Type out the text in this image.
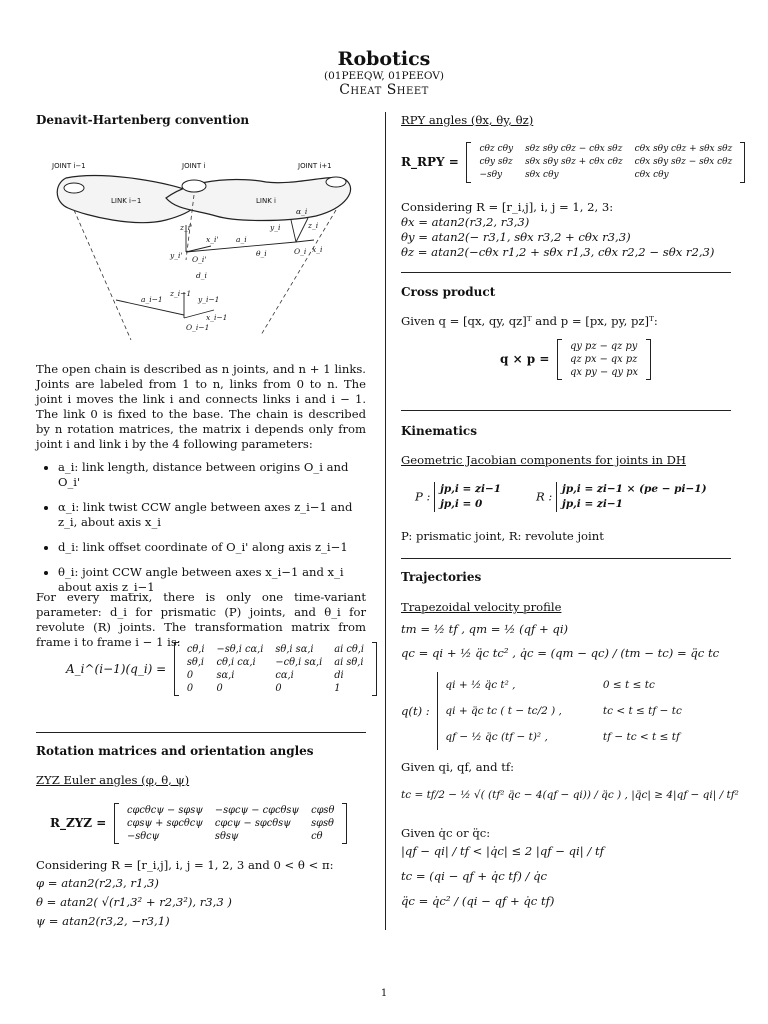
Robotics
(01PEEQW, 01PEEOV)
Cheat Sheet
Denavit-Hartenberg convention
JOINT i−1	JOINT i	JOINT i+1
LINK i−1	LINK i
a_i
θ_i
d_i
a_i−1
O_i
O_i'
O_i−1
x_i
y_i	z_i
z_i−1
x_i−1
y_i−1
x_i'
y_i'
z_i'
α_i
The open chain is described as n joints, and n + 1 links. Joints are labeled from 1 to n, links from 0 to n. The joint i moves the link i and connects links i and i − 1. The link 0 is fixed to the base. The chain is described by n rotation matrices, the matrix i depends only from joint i and link i by the 4 following parameters:
• a_i: link length, distance between origins O_i and O_i'
• α_i: link twist CCW angle between axes z_i−1 and z_i, about axis x_i
• d_i: link offset coordinate of O_i' along axis z_i−1
• θ_i: joint CCW angle between axes x_i−1 and x_i about axis z_i−1
For every matrix, there is only one time-variant parameter: d_i for prismatic (P) joints, and θ_i for revolute (R) joints. The transformation matrix from frame i to frame i − 1 is:
A_i^(i−1)(q_i) =
cθ,i	−sθ,i cα,i	sθ,i sα,i	ai cθ,i
sθ,i	cθ,i cα,i	−cθ,i sα,i	ai sθ,i
0	sα,i	cα,i	di
0	0	0	1
Rotation matrices and orientation angles
ZYZ Euler angles (φ, θ, ψ)
R_ZYZ =
cφcθcψ − sφsψ	−sφcψ − cφcθsψ	cφsθ
cφsψ + sφcθcψ	cφcψ − sφcθsψ	sφsθ
−sθcψ	sθsψ	cθ
Considering R = [r_i,j], i, j = 1, 2, 3 and 0 < θ < π:
φ = atan2(r2,3, r1,3)
θ = atan2( √(r1,3² + r2,3²), r3,3 )
ψ = atan2(r3,2, −r3,1)
RPY angles (θx, θy, θz)
R_RPY =
cθz cθy	sθz sθy cθz − cθx sθz	cθx sθy cθz + sθx sθz
cθy sθz	sθx sθy sθz + cθx cθz	cθx sθy sθz − sθx cθz
−sθy	sθx cθy	cθx cθy
Considering R = [r_i,j], i, j = 1, 2, 3:
θx = atan2(r3,2, r3,3)
θy = atan2(− r3,1, sθx r3,2 + cθx r3,3)
θz = atan2(−cθx r1,2 + sθx r1,3, cθx r2,2 − sθx r2,3)
Cross product
Given q = [qx, qy, qz]ᵀ and p = [px, py, pz]ᵀ:
q × p =
qy pz − qz py
qz px − qx pz
qx py − qy px
Kinematics
Geometric Jacobian components for joints in DH
P :
jp,i = zi−1
jp,i = 0
R :
jp,i = zi−1 × (pe − pi−1)
jp,i = zi−1
P: prismatic joint, R: revolute joint
Trajectories
Trapezoidal velocity profile
tm = ½ tf , qm = ½ (qf + qi)
qc = qi + ½ q̈c tc² , q̇c = (qm − qc) / (tm − tc) = q̈c tc
q(t) :
qi + ½ q̈c t² ,	0 ≤ t ≤ tc
qi + q̈c tc ( t − tc/2 ) ,	tc < t ≤ tf − tc
qf − ½ q̈c (tf − t)² ,	tf − tc < t ≤ tf
Given qi, qf, and tf:
tc = tf/2 − ½ √( (tf² q̈c − 4(qf − qi)) / q̈c ) , |q̈c| ≥ 4|qf − qi| / tf²
Given q̇c or q̈c:
|qf − qi| / tf < |q̇c| ≤ 2 |qf − qi| / tf
tc = (qi − qf + q̇c tf) / q̇c
q̈c = q̇c² / (qi − qf + q̇c tf)
1
